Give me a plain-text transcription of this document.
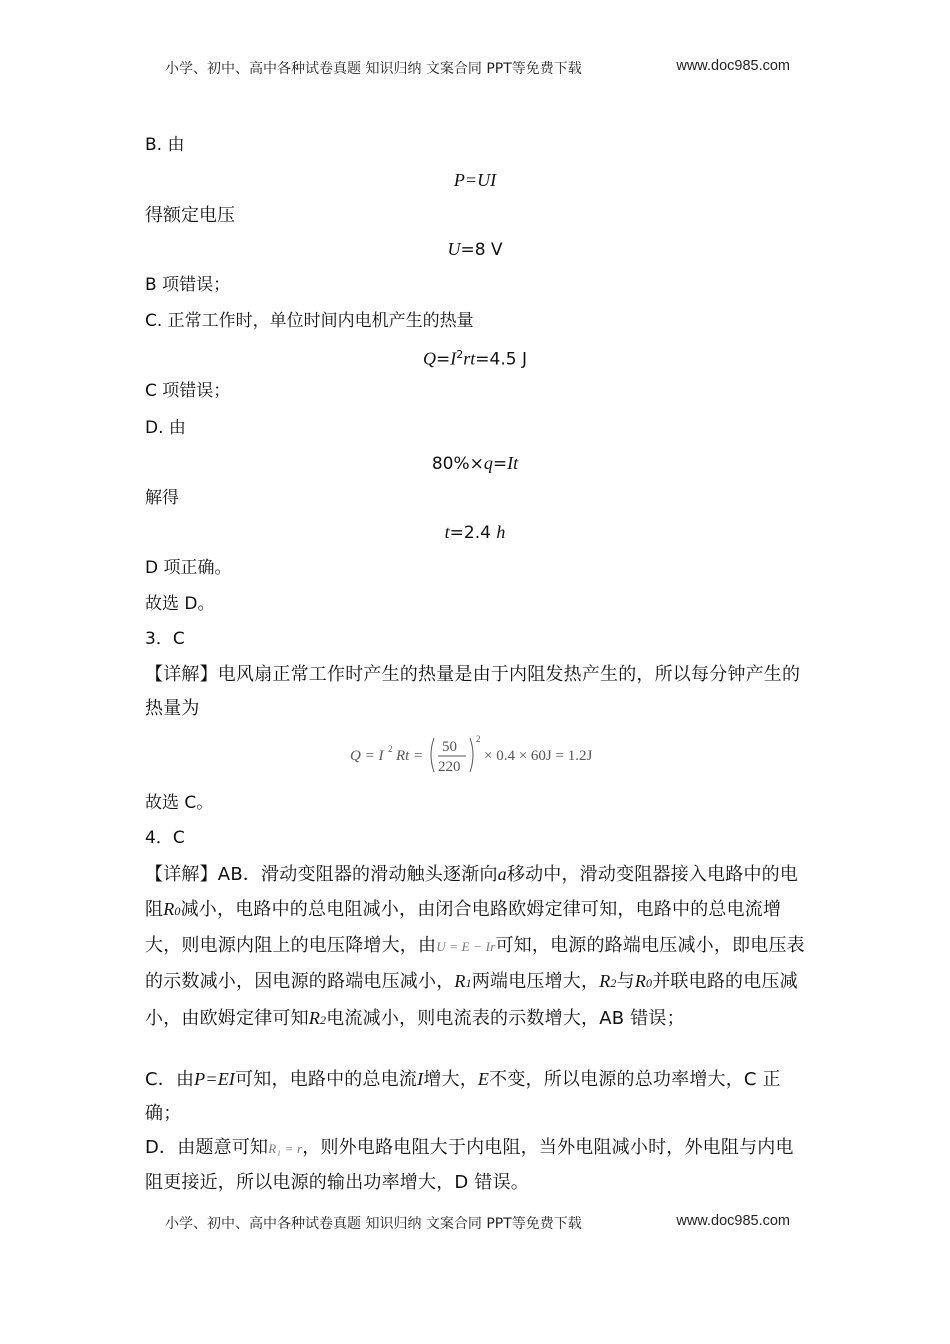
小学、初中、高中各种试卷真题 知识归纳 文案合同 PPT等免费下载	www.doc985.com
B. 由
P=UI
得额定电压
U=8 V
B 项错误；
C. 正常工作时，单位时间内电机产生的热量
$Q=I^2rt=4.5$ J
C 项错误；
D. 由
80%×q=It
解得
t=2.4 h
D 项正确。
故选 D。
3．C
【详解】电风扇正常工作时产生的热量是由于内阻发热产生的，所以每分钟产生的热量为
Q = I 2 Rt =
50
220
2
× 0.4 × 60J = 1.2J
故选 C。
4．C
【详解】AB．滑动变阻器的滑动触头逐渐向a移动中，滑动变阻器接入电路中的电阻R0减小，电路中的总电阻减小，由闭合电路欧姆定律可知，电路中的总电流增大，则电源内阻上的电压降增大，由U = E − Ir可知，电源的路端电压减小，即电压表的示数减小，因电源的路端电压减小，R1两端电压增大，R2与R0并联电路的电压减小，由欧姆定律可知R2电流减小，则电流表的示数增大，AB 错误；
C．由P=EI可知，电路中的总电流I增大，E不变，所以电源的总功率增大，C 正确；
D．由题意可知R₁ = r，则外电路电阻大于内电阻，当外电阻减小时，外电阻与内电阻更接近，所以电源的输出功率增大，D 错误。
小学、初中、高中各种试卷真题 知识归纳 文案合同 PPT等免费下载	www.doc985.com
